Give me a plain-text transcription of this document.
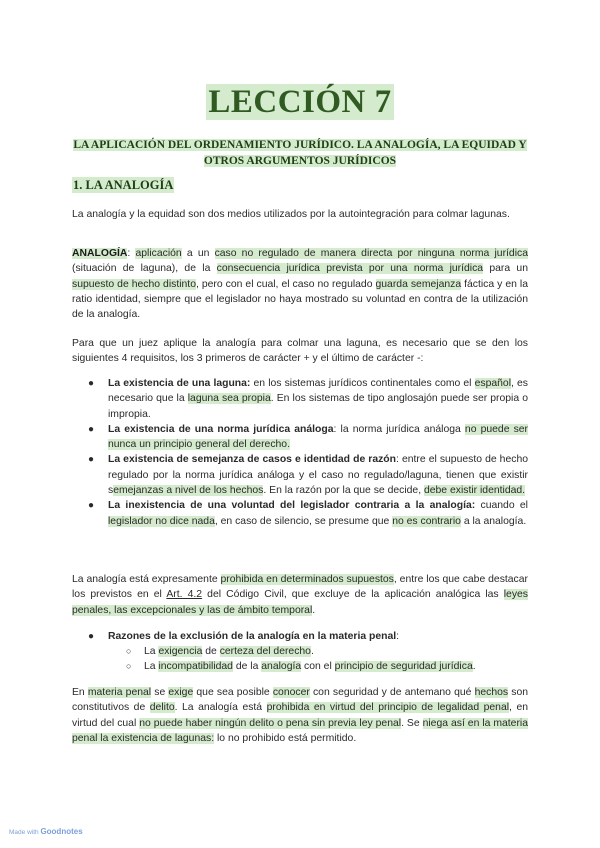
LECCIÓN 7
LA APLICACIÓN DEL ORDENAMIENTO JURÍDICO. LA ANALOGÍA, LA EQUIDAD Y
OTROS ARGUMENTOS JURÍDICOS
1. LA ANALOGÍA
La analogía y la equidad son dos medios utilizados por la autointegración para colmar lagunas.
ANALOGÍA: aplicación a un caso no regulado de manera directa por ninguna norma jurídica (situación de laguna), de la consecuencia jurídica prevista por una norma jurídica para un supuesto de hecho distinto, pero con el cual, el caso no regulado guarda semejanza fáctica y en la ratio identidad, siempre que el legislador no haya mostrado su voluntad en contra de la utilización de la analogía.
Para que un juez aplique la analogía para colmar una laguna, es necesario que se den los siguientes 4 requisitos, los 3 primeros de carácter + y el último de carácter -:
● La existencia de una laguna: en los sistemas jurídicos continentales como el español, es necesario que la laguna sea propia. En los sistemas de tipo anglosajón puede ser propia o impropia.
● La existencia de una norma jurídica análoga: la norma jurídica análoga no puede ser nunca un principio general del derecho.
● La existencia de semejanza de casos e identidad de razón: entre el supuesto de hecho regulado por la norma jurídica análoga y el caso no regulado/laguna, tienen que existir semejanzas a nivel de los hechos. En la razón por la que se decide, debe existir identidad.
● La inexistencia de una voluntad del legislador contraria a la analogía: cuando el legislador no dice nada, en caso de silencio, se presume que no es contrario a la analogía.
La analogía está expresamente prohibida en determinados supuestos, entre los que cabe destacar los previstos en el Art. 4.2 del Código Civil, que excluye de la aplicación analógica las leyes penales, las excepcionales y las de ámbito temporal.
● Razones de la exclusión de la analogía en la materia penal:
○ La exigencia de certeza del derecho.
○ La incompatibilidad de la analogía con el principio de seguridad jurídica.
En materia penal se exige que sea posible conocer con seguridad y de antemano qué hechos son constitutivos de delito. La analogía está prohibida en virtud del principio de legalidad penal, en virtud del cual no puede haber ningún delito o pena sin previa ley penal. Se niega así en la materia penal la existencia de lagunas: lo no prohibido está permitido.
Made with Goodnotes
